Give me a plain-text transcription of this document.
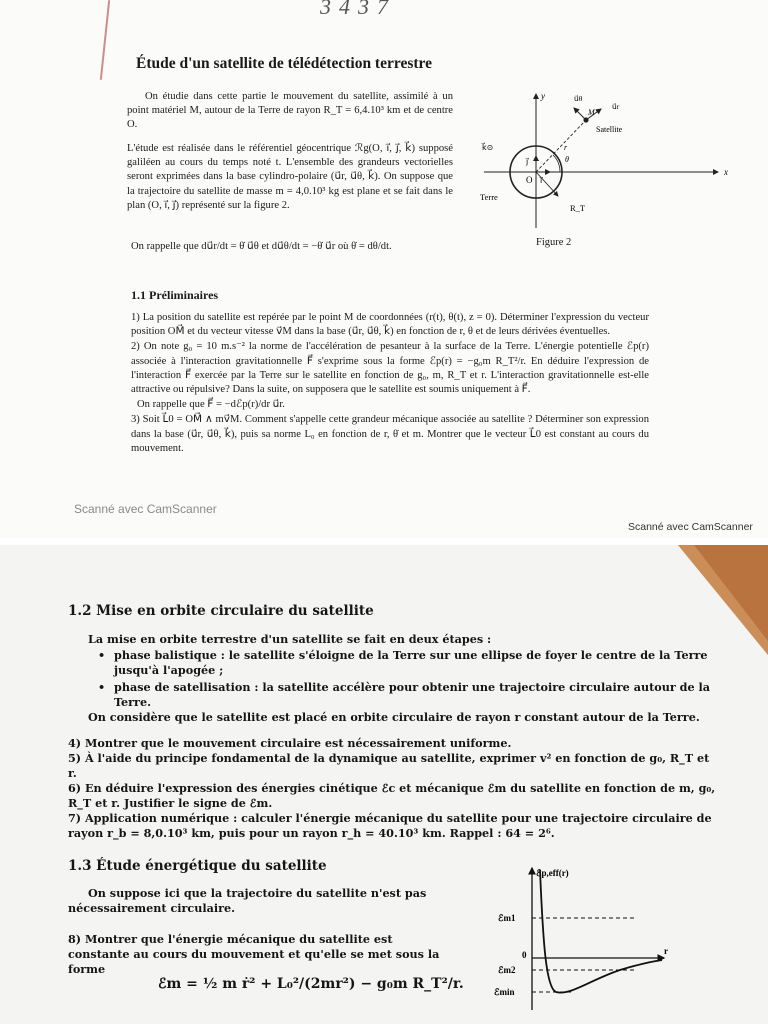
3437
Étude d'un satellite de télédétection terrestre
On étudie dans cette partie le mouvement du satellite, assimilé à un point matériel M, autour de la Terre de rayon R_T = 6,4.10³ km et de centre O.
L'étude est réalisée dans le référentiel géocentrique ℛg(O, i⃗, j⃗, k⃗) supposé galiléen au cours du temps noté t. L'ensemble des grandeurs vectorielles seront exprimées dans la base cylindro-polaire (u⃗r, u⃗θ, k⃗). On suppose que la trajectoire du satellite de masse m = 4,0.10³ kg est plane et se fait dans le plan (O, i⃗, j⃗) représenté sur la figure 2.
On rappelle que du⃗r/dt = θ̇ u⃗θ et du⃗θ/dt = −θ̇ u⃗r où θ̇ = dθ/dt.
x
y
j⃗
i⃗
O
r
θ
M
u⃗r
u⃗θ
Satellite
k⃗⊙
Terre
R_T
Figure 2
1.1 Préliminaires

1) La position du satellite est repérée par le point M de coordonnées (r(t), θ(t), z = 0). Déterminer l'expression du vecteur position OM⃗ et du vecteur vitesse v⃗M dans la base (u⃗r, u⃗θ, k⃗) en fonction de r, θ et de leurs dérivées éventuelles.

2) On note g₀ = 10 m.s⁻² la norme de l'accélération de pesanteur à la surface de la Terre. L'énergie potentielle ℰp(r) associée à l'interaction gravitationnelle F⃗ s'exprime sous la forme ℰp(r) = −g₀m R_T²/r. En déduire l'expression de l'interaction F⃗ exercée par la Terre sur le satellite en fonction de g₀, m, R_T et r. L'interaction gravitationnelle est-elle attractive ou répulsive? Dans la suite, on supposera que le satellite est soumis uniquement à F⃗.

On rappelle que F⃗ = −dℰp(r)/dr u⃗r.

3) Soit L⃗0 = OM⃗ ∧ mv⃗M. Comment s'appelle cette grandeur mécanique associée au satellite ? Déterminer son expression dans la base (u⃗r, u⃗θ, k⃗), puis sa norme L₀ en fonction de r, θ̇ et m. Montrer que le vecteur L⃗0 est constant au cours du mouvement.

Scanné avec CamScanner
Scanné avec CamScanner
1.2 Mise en orbite circulaire du satellite
La mise en orbite terrestre d'un satellite se fait en deux étapes :
• phase balistique : le satellite s'éloigne de la Terre sur une ellipse de foyer le centre de la Terre jusqu'à l'apogée ;
• phase de satellisation : la satellite accélère pour obtenir une trajectoire circulaire autour de la Terre.
On considère que le satellite est placé en orbite circulaire de rayon r constant autour de la Terre.

4) Montrer que le mouvement circulaire est nécessairement uniforme.

5) À l'aide du principe fondamental de la dynamique au satellite, exprimer v² en fonction de g₀, R_T et r.

6) En déduire l'expression des énergies cinétique ℰc et mécanique ℰm du satellite en fonction de m, g₀, R_T et r. Justifier le signe de ℰm.

7) Application numérique : calculer l'énergie mécanique du satellite pour une trajectoire circulaire de rayon r_b = 8,0.10³ km, puis pour un rayon r_h = 40.10³ km. Rappel : 64 = 2⁶.

1.3 Étude énergétique du satellite
On suppose ici que la trajectoire du satellite n'est pas nécessairement circulaire.
8) Montrer que l'énergie mécanique du satellite est constante au cours du mouvement et qu'elle se met sous la forme
ℰm = ½ m ṙ² + L₀²/(2mr²) − g₀m R_T²/r.
ℰp,eff(r)
r
0
ℰm1
ℰm2
ℰmin
